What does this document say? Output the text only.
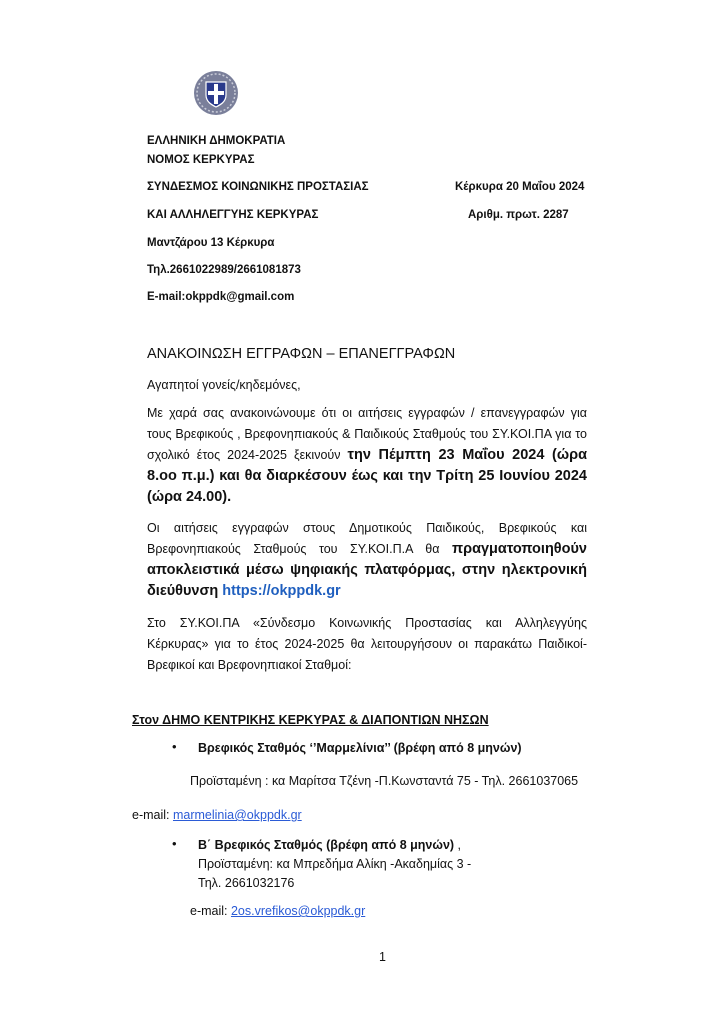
ΕΛΛΗΝΙΚΗ ΔΗΜΟΚΡΑΤΙΑ
ΝΟΜΟΣ ΚΕΡΚΥΡΑΣ
ΣΥΝΔΕΣΜΟΣ ΚΟΙΝΩΝΙΚΗΣ ΠΡΟΣΤΑΣΙΑΣ
ΚΑΙ ΑΛΛΗΛΕΓΓΥΗΣ ΚΕΡΚΥΡΑΣ
Μαντζάρου 13 Κέρκυρα
Τηλ.2661022989/2661081873
E-mail:okppdk@gmail.com
Κέρκυρα 20 Μαΐου 2024
Αριθμ. πρωτ. 2287
ΑΝΑΚΟΙΝΩΣΗ ΕΓΓΡΑΦΩΝ – ΕΠΑΝΕΓΓΡΑΦΩΝ
Αγαπητοί γονείς/κηδεμόνες,
Με χαρά σας ανακοινώνουμε ότι οι αιτήσεις εγγραφών / επανεγγραφών για τους Βρεφικούς , Βρεφονηπιακούς & Παιδικούς Σταθμούς του ΣΥ.ΚΟΙ.ΠΑ για το σχολικό έτος 2024-2025 ξεκινούν την Πέμπτη 23 Μαΐου 2024 (ώρα 8.οο π.μ.) και θα διαρκέσουν έως και την Τρίτη 25 Ιουνίου 2024 (ώρα 24.00).
Οι αιτήσεις εγγραφών στους Δημοτικούς Παιδικούς, Βρεφικούς και Βρεφονηπιακούς Σταθμούς του ΣΥ.ΚΟΙ.Π.Α θα πραγματοποιηθούν αποκλειστικά μέσω ψηφιακής πλατφόρμας, στην ηλεκτρονική διεύθυνση https://okppdk.gr
Στο ΣΥ.ΚΟΙ.ΠΑ «Σύνδεσμο Κοινωνικής Προστασίας και Αλληλεγγύης Κέρκυρας» για το έτος 2024-2025 θα λειτουργήσουν οι παρακάτω Παιδικοί-Βρεφικοί και Βρεφονηπιακοί Σταθμοί:
Στον ΔΗΜΟ ΚΕΝΤΡΙΚΗΣ ΚΕΡΚΥΡΑΣ & ΔΙΑΠΟΝΤΙΩΝ ΝΗΣΩΝ
• Βρεφικός Σταθμός ‘’Μαρμελίνια’’ (βρέφη από 8 μηνών)
Προϊσταμένη : κα Μαρίτσα Τζένη -Π.Κωνσταντά 75 - Τηλ. 2661037065
e-mail: marmelinia@okppdk.gr
• Β΄ Βρεφικός Σταθμός (βρέφη από 8 μηνών) ,
Προϊσταμένη: κα Μπρεδήμα Αλίκη -Ακαδημίας 3 -
Τηλ. 2661032176
e-mail: 2os.vrefikos@okppdk.gr
1
